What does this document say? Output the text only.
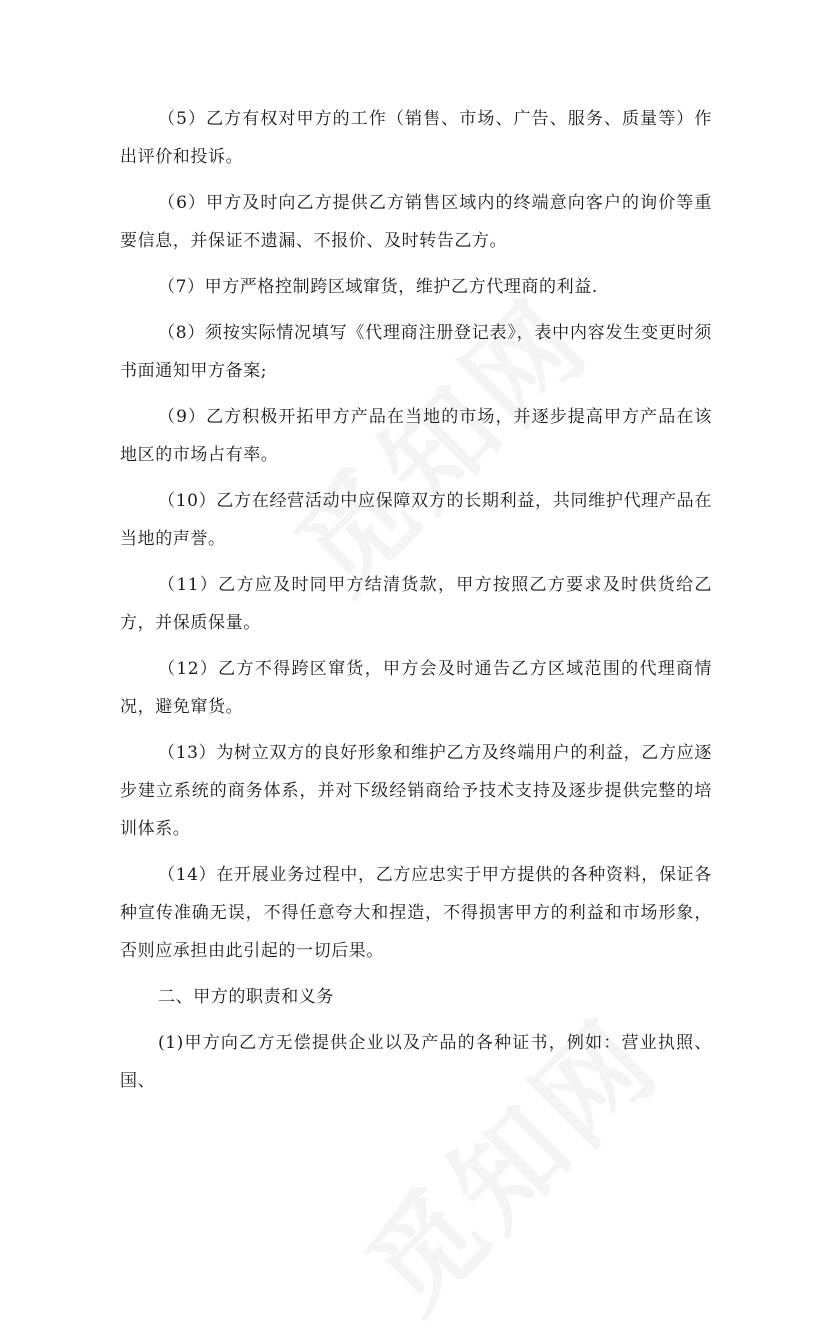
（5）乙方有权对甲方的工作（销售、市场、广告、服务、质量等）作出评价和投诉。

（6）甲方及时向乙方提供乙方销售区域内的终端意向客户的询价等重要信息，并保证不遗漏、不报价、及时转告乙方。

（7）甲方严格控制跨区域窜货，维护乙方代理商的利益.

（8）须按实际情况填写《代理商注册登记表》，表中内容发生变更时须书面通知甲方备案;

（9）乙方积极开拓甲方产品在当地的市场，并逐步提高甲方产品在该地区的市场占有率。

（10）乙方在经营活动中应保障双方的长期利益，共同维护代理产品在当地的声誉。

（11）乙方应及时同甲方结清货款，甲方按照乙方要求及时供货给乙方，并保质保量。

（12）乙方不得跨区窜货，甲方会及时通告乙方区域范围的代理商情况，避免窜货。

（13）为树立双方的良好形象和维护乙方及终端用户的利益，乙方应逐步建立系统的商务体系，并对下级经销商给予技术支持及逐步提供完整的培训体系。

（14）在开展业务过程中，乙方应忠实于甲方提供的各种资料，保证各种宣传准确无误，不得任意夸大和捏造，不得损害甲方的利益和市场形象，否则应承担由此引起的一切后果。

二、甲方的职责和义务

(1)甲方向乙方无偿提供企业以及产品的各种证书，例如：营业执照、国、
